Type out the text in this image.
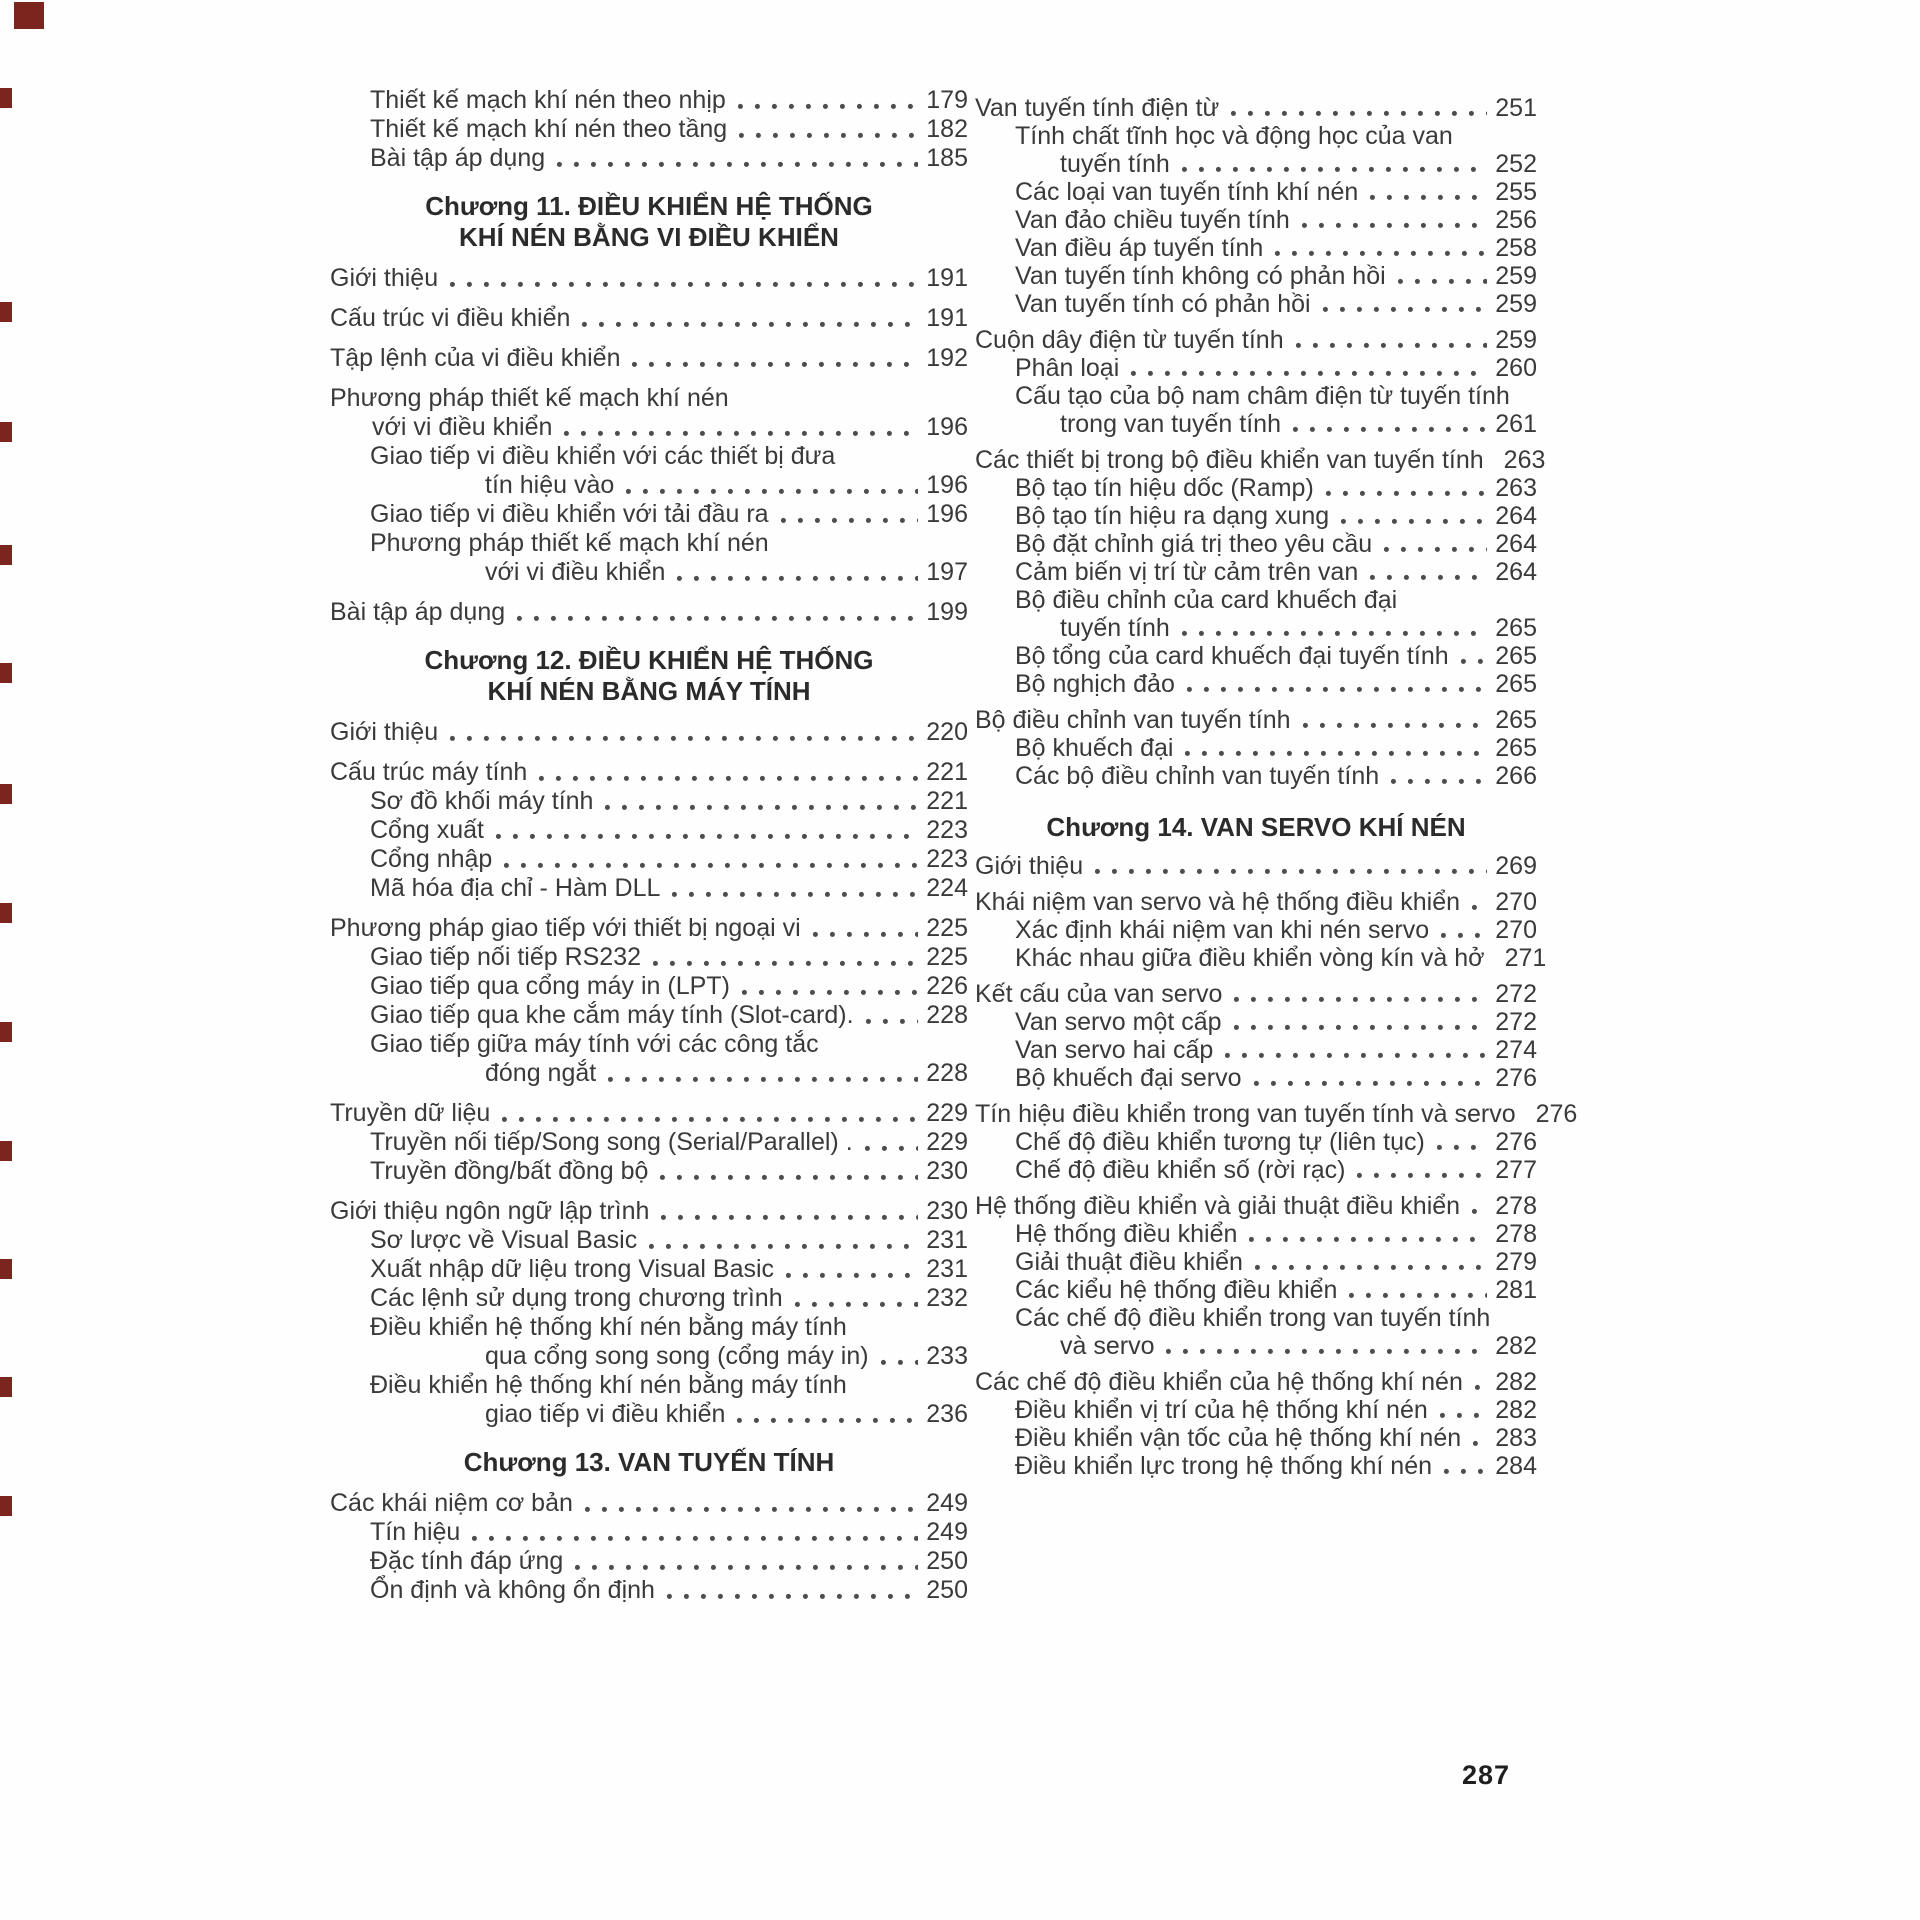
Thiết kế mạch khí nén theo nhịp	179
Thiết kế mạch khí nén theo tầng	182
Bài tập áp dụng	185
Chương 11. ĐIỀU KHIỂN HỆ THỐNG
KHÍ NÉN BẰNG VI ĐIỀU KHIỂN
Giới thiệu	191
Cấu trúc vi điều khiển	191
Tập lệnh của vi điều khiển	192
Phương pháp thiết kế mạch khí nén
với vi điều khiển	196
Giao tiếp vi điều khiển với các thiết bị đưa
tín hiệu vào	196
Giao tiếp vi điều khiển với tải đầu ra	196
Phương pháp thiết kế mạch khí nén
với vi điều khiển	197
Bài tập áp dụng	199
Chương 12. ĐIỀU KHIỂN HỆ THỐNG
KHÍ NÉN BẰNG MÁY TÍNH
Giới thiệu	220
Cấu trúc máy tính	221
Sơ đồ khối máy tính	221
Cổng xuất	223
Cổng nhập	223
Mã hóa địa chỉ - Hàm DLL	224
Phương pháp giao tiếp với thiết bị ngoại vi	225
Giao tiếp nối tiếp RS232	225
Giao tiếp qua cổng máy in (LPT)	226
Giao tiếp qua khe cắm máy tính (Slot-card).	228
Giao tiếp giữa máy tính với các công tắc
đóng ngắt	228
Truyền dữ liệu	229
Truyền nối tiếp/Song song (Serial/Parallel) .	229
Truyền đồng/bất đồng bộ	230
Giới thiệu ngôn ngữ lập trình	230
Sơ lược về Visual Basic	231
Xuất nhập dữ liệu trong Visual Basic	231
Các lệnh sử dụng trong chương trình	232
Điều khiển hệ thống khí nén bằng máy tính
qua cổng song song (cổng máy in) 233
Điều khiển hệ thống khí nén bằng máy tính
giao tiếp vi điều khiển	236
Chương 13. VAN TUYẾN TÍNH
Các khái niệm cơ bản	249
Tín hiệu	249
Đặc tính đáp ứng	250
Ổn định và không ổn định	250
Van tuyến tính điện từ	251
Tính chất tĩnh học và động học của van
tuyến tính	252
Các loại van tuyến tính khí nén	255
Van đảo chiều tuyến tính	256
Van điều áp tuyến tính	258
Van tuyến tính không có phản hồi	259
Van tuyến tính có phản hồi	259
Cuộn dây điện từ tuyến tính	259
Phân loại	260
Cấu tạo của bộ nam châm điện từ tuyến tính
trong van tuyến tính	261
Các thiết bị trong bộ điều khiển van tuyến tính 263
Bộ tạo tín hiệu dốc (Ramp)	263
Bộ tạo tín hiệu ra dạng xung	264
Bộ đặt chỉnh giá trị theo yêu cầu	264
Cảm biến vị trí từ cảm trên van	264
Bộ điều chỉnh của card khuếch đại
tuyến tính	265
Bộ tổng của card khuếch đại tuyến tính 265
Bộ nghịch đảo	265
Bộ điều chỉnh van tuyến tính	265
Bộ khuếch đại	265
Các bộ điều chỉnh van tuyến tính	266
Chương 14. VAN SERVO KHÍ NÉN
Giới thiệu	269
Khái niệm van servo và hệ thống điều khiển 270
Xác định khái niệm van khi nén servo	270
Khác nhau giữa điều khiển vòng kín và hở 271
Kết cấu của van servo	272
Van servo một cấp	272
Van servo hai cấp	274
Bộ khuếch đại servo	276
Tín hiệu điều khiển trong van tuyến tính và servo 276
Chế độ điều khiển tương tự (liên tục)	276
Chế độ điều khiển số (rời rạc)	277
Hệ thống điều khiển và giải thuật điều khiển 278
Hệ thống điều khiển	278
Giải thuật điều khiển	279
Các kiểu hệ thống điều khiển	281
Các chế độ điều khiển trong van tuyến tính
và servo	282
Các chế độ điều khiển của hệ thống khí nén 282
Điều khiển vị trí của hệ thống khí nén	282
Điều khiển vận tốc của hệ thống khí nén 283
Điều khiển lực trong hệ thống khí nén	284
287
